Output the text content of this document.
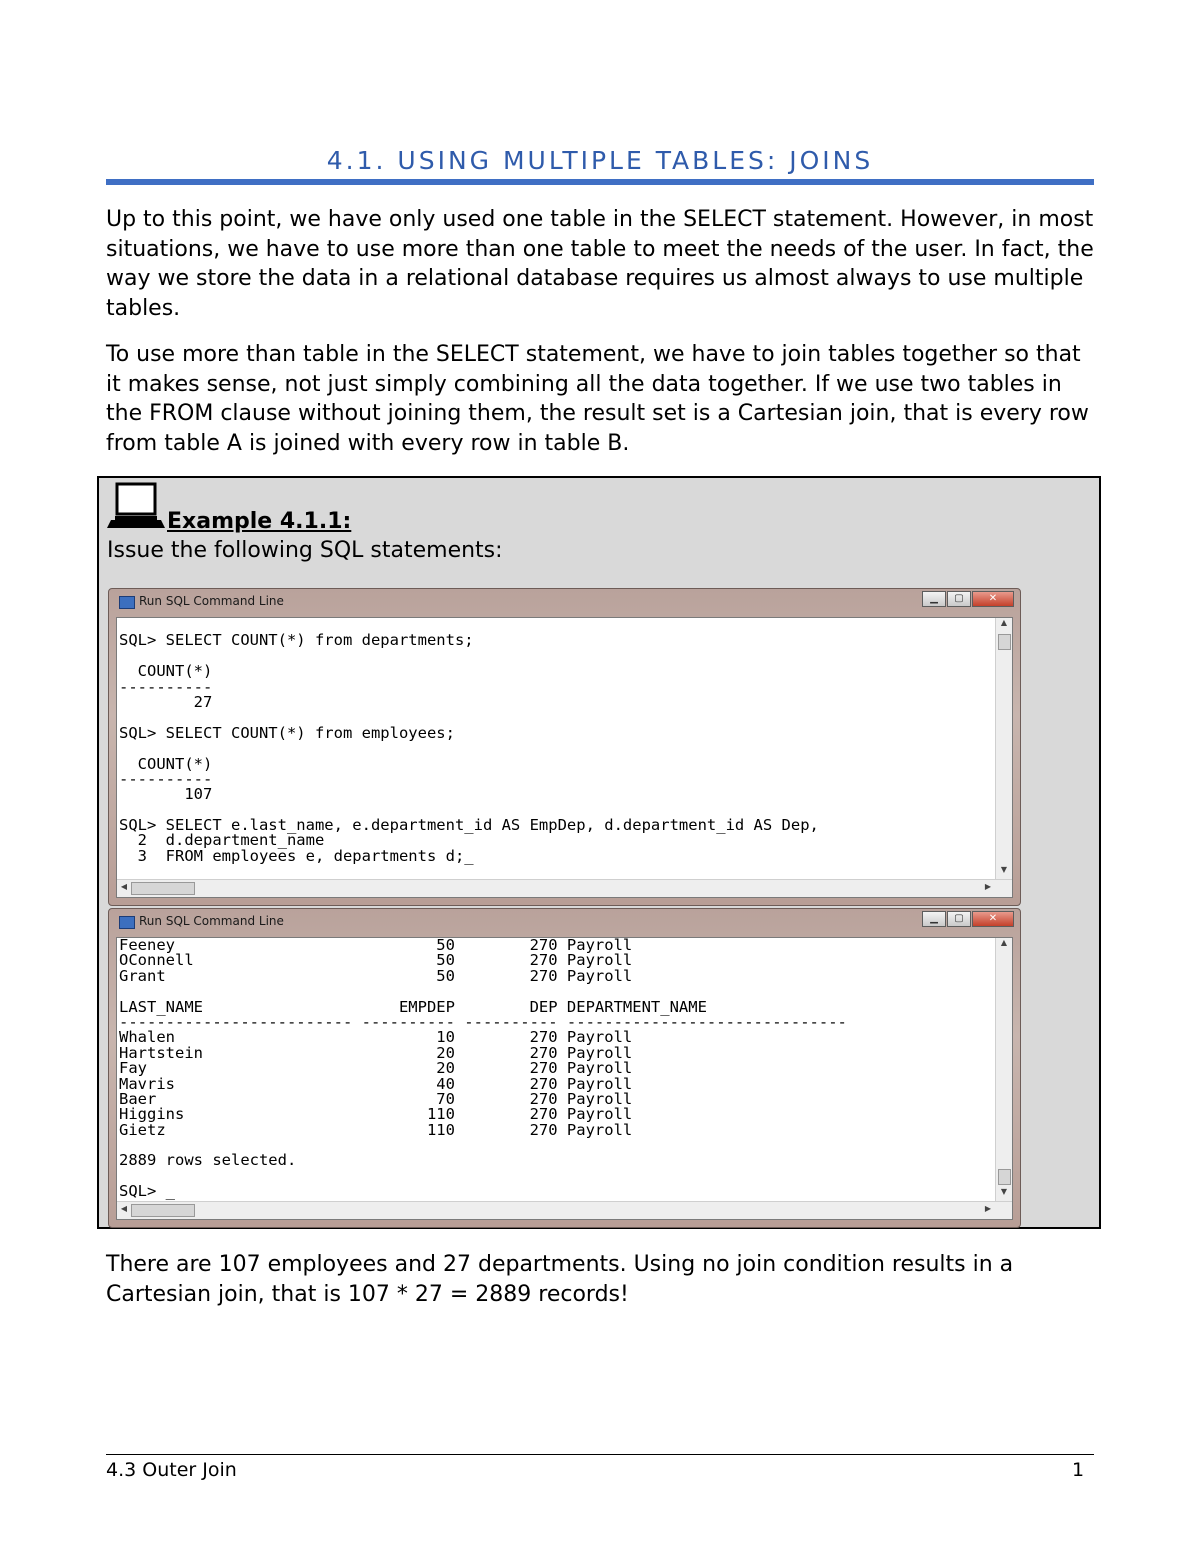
4.1. USING MULTIPLE TABLES: JOINS

Up to this point, we have only used one table in the SELECT statement. However, in most situations, we have to use more than one table to meet the needs of the user. In fact, the way we store the data in a relational database requires us almost always to use multiple tables.

To use more than table in the SELECT statement, we have to join tables together so that it makes sense, not just simply combining all the data together. If we use two tables in the FROM clause without joining them, the result set is a Cartesian join, that is every row from table A is joined with every row in table B.

Example 4.1.1:
Issue the following SQL statements:
Run SQL Command Line	▁	▢	✕
SQL> SELECT COUNT(*) from departments;
COUNT(*)
----------
27
SQL> SELECT COUNT(*) from employees;
COUNT(*)
----------
107
SQL> SELECT e.last_name, e.department_id AS EmpDep, d.department_id AS Dep,
2  d.department_name
3  FROM employees e, departments d;_
▲
▼
◀	▶
Run SQL Command Line	▁	▢	✕
Feeney                            50        270 Payroll
OConnell                          50        270 Payroll
Grant                             50        270 Payroll
LAST_NAME                     EMPDEP        DEP DEPARTMENT_NAME
------------------------- ---------- ---------- ------------------------------
Whalen                            10        270 Payroll
Hartstein                         20        270 Payroll
Fay                               20        270 Payroll
Mavris                            40        270 Payroll
Baer                              70        270 Payroll
Higgins                          110        270 Payroll
Gietz                            110        270 Payroll
2889 rows selected.
SQL> _
▲
▼
◀	▶

There are 107 employees and 27 departments. Using no join condition results in a Cartesian join, that is 107 * 27 = 2889 records!

4.3 Outer Join	1
